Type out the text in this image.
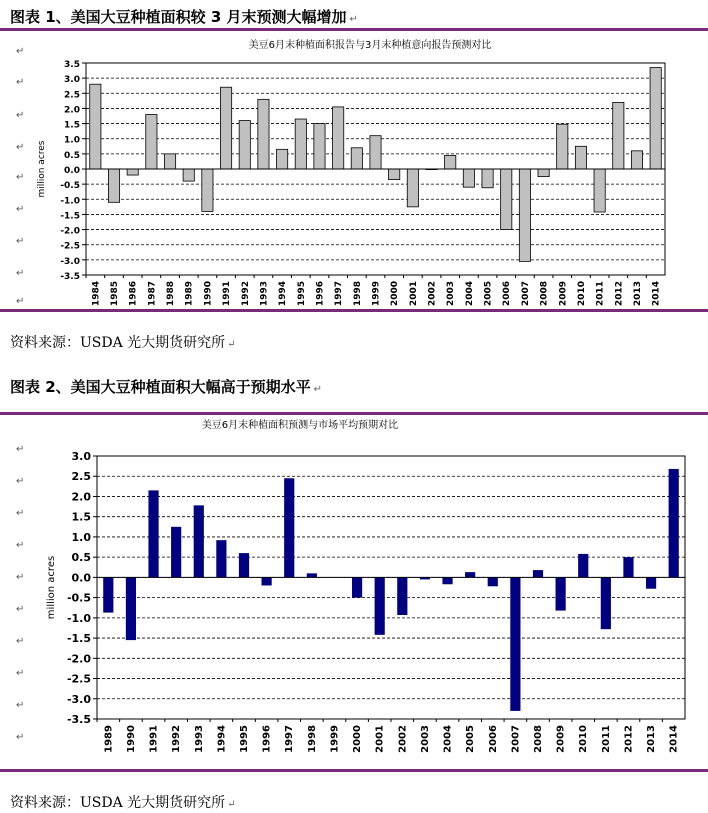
图表 1、美国大豆种植面积较 3 月末预测大幅增加 ↵
↵
↵
↵
↵
↵
↵
↵
↵
↵
美豆6月末种植面积报告与3月末种植意向报告预测对比
3.5
3.0
2.5
2.0
1.5
1.0
0.5
0.0
-0.5
-1.0
-1.5
-2.0
-2.5
-3.0
-3.5
1984 1985 1986 1987 1988 1989 1990 1991 1992 1993 1994 1995 1996 1997 1998 1999 2000 2001 2002 2003 2004 2005 2006 2007 2008 2009 2010 2011 2012 2013 2014
million acres
资料来源：USDA 光大期货研究所 ↵
图表 2、美国大豆种植面积大幅高于预期水平 ↵
↵
↵
↵
↵
↵
↵
↵
↵
↵
↵
美豆6月末种植面积预测与市场平均预期对比
3.0
2.5
2.0
1.5
1.0
0.5
0.0
-0.5
-1.0
-1.5
-2.0
-2.5
-3.0
-3.5
1989 1990 1991 1992 1993 1994 1995 1996 1997 1998 1999 2000 2001 2002 2003 2004 2005 2006 2007 2008 2009 2010 2011 2012 2013 2014
million acres
资料来源：USDA 光大期货研究所 ↵
